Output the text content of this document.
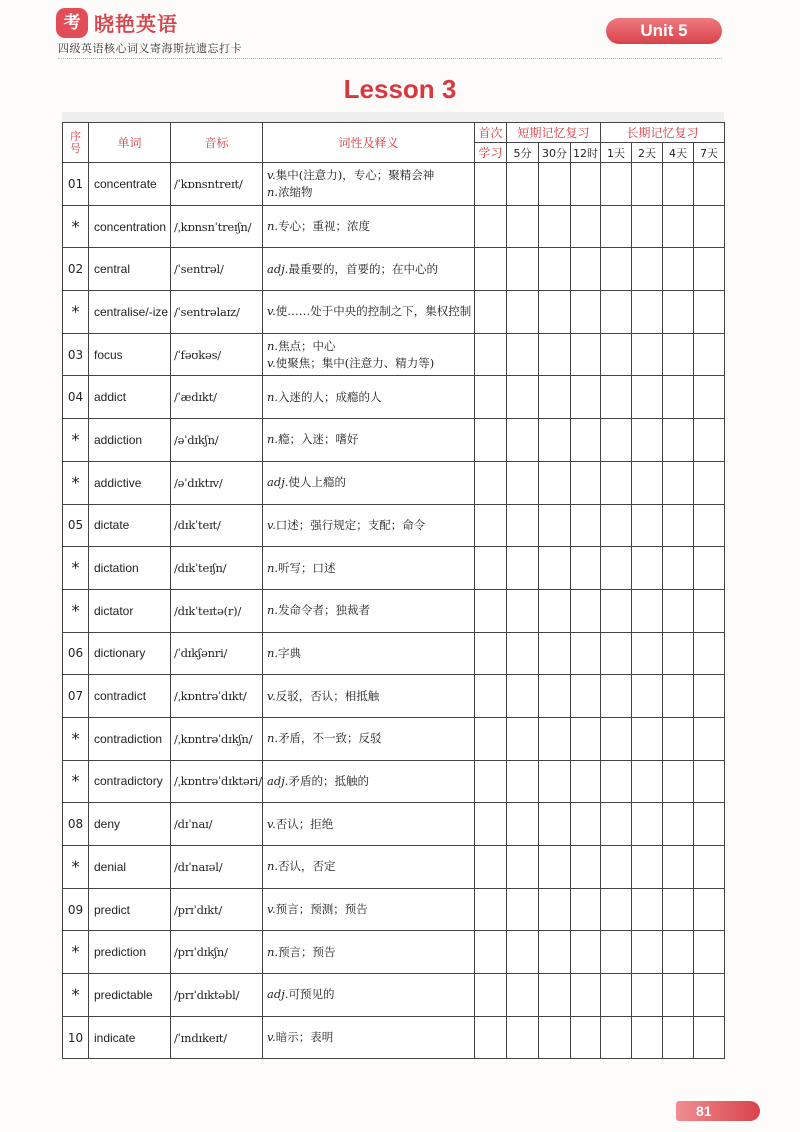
考 晓艳英语
四级英语核心词义寄海斯抗遗忘打卡
Unit 5
Lesson 3
序号	单词	音标	词性及释义	首次	短期记忆复习			长期记忆复习			
				学习	5分	30分	12时	1天	2天	4天	7天
01	concentrate	/ˈkɒnsntreɪt/	v.集中(注意力)，专心；聚精会神
n.浓缩物								

*	concentration	/ˌkɒnsnˈtreɪʃn/	n.专心；重视；浓度								

02	central	/ˈsentrəl/	adj.最重要的，首要的；在中心的								

*	centralise/-ize	/ˈsentrəlaɪz/	v.使……处于中央的控制之下，集权控制								

03	focus	/ˈfəʊkəs/	n.焦点；中心
v.使聚焦；集中(注意力、精力等)								

04	addict	/ˈædɪkt/	n.入迷的人；成瘾的人								

*	addiction	/əˈdɪkʃn/	n.瘾；入迷；嗜好								

*	addictive	/əˈdɪktɪv/	adj.使人上瘾的								

05	dictate	/dɪkˈteɪt/	v.口述；强行规定；支配；命令								

*	dictation	/dɪkˈteɪʃn/	n.听写；口述								

*	dictator	/dɪkˈteɪtə(r)/	n.发命令者；独裁者								

06	dictionary	/ˈdɪkʃənri/	n.字典								

07	contradict	/ˌkɒntrəˈdɪkt/	v.反驳，否认；相抵触								

*	contradiction	/ˌkɒntrəˈdɪkʃn/	n.矛盾，不一致；反驳								

*	contradictory	/ˌkɒntrəˈdɪktəri/	adj.矛盾的；抵触的								

08	deny	/dɪˈnaɪ/	v.否认；拒绝								

*	denial	/dɪˈnaɪəl/	n.否认，否定								

09	predict	/prɪˈdɪkt/	v.预言；预测；预告								

*	prediction	/prɪˈdɪkʃn/	n.预言；预告								

*	predictable	/prɪˈdɪktəbl/	adj.可预见的								

10	indicate	/ˈɪndɪkeɪt/	v.暗示；表明								

81
